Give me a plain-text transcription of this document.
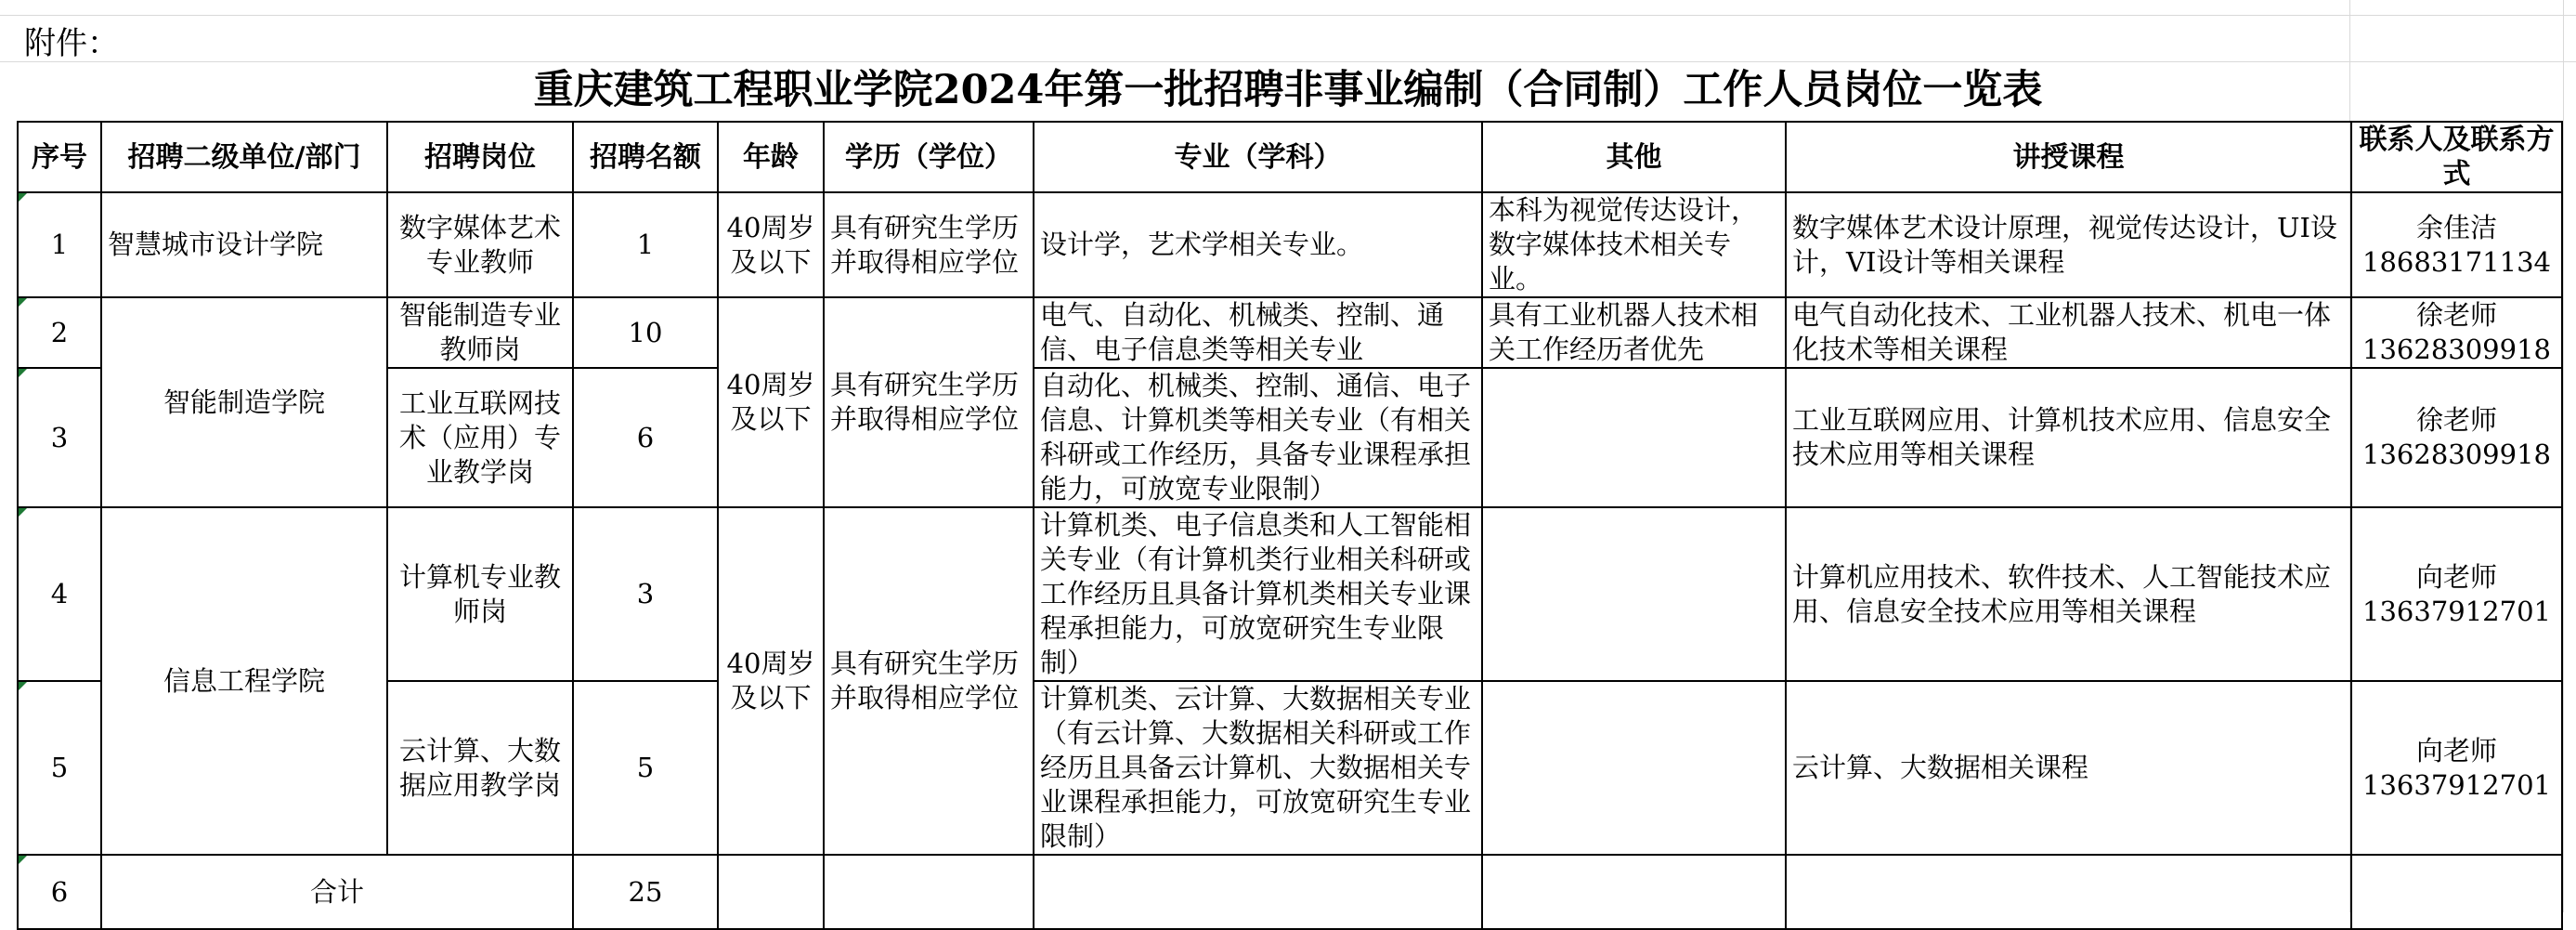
附件：
重庆建筑工程职业学院2024年第一批招聘非事业编制（合同制）工作人员岗位一览表
序号	招聘二级单位/部门	招聘岗位	招聘名额	年龄	学历（学位）	专业（学科）	其他	讲授课程	联系人及联系方式
1	智慧城市设计学院	数字媒体艺术专业教师	1	40周岁及以下	具有研究生学历并取得相应学位	设计学，艺术学相关专业。	本科为视觉传达设计，数字媒体技术相关专业。	数字媒体艺术设计原理，视觉传达设计，UI设计，VI设计等相关课程	余佳洁 18683171134
2	智能制造学院	智能制造专业教师岗	10	40周岁及以下	具有研究生学历并取得相应学位	电气、自动化、机械类、控制、通信、电子信息类等相关专业	具有工业机器人技术相关工作经历者优先	电气自动化技术、工业机器人技术、机电一体化技术等相关课程	徐老师 13628309918
3		工业互联网技术（应用）专业教学岗	6			自动化、机械类、控制、通信、电子信息、计算机类等相关专业（有相关科研或工作经历，具备专业课程承担能力，可放宽专业限制）		工业互联网应用、计算机技术应用、信息安全技术应用等相关课程	徐老师 13628309918
4	信息工程学院	计算机专业教师岗	3	40周岁及以下	具有研究生学历并取得相应学位	计算机类、电子信息类和人工智能相关专业（有计算机类行业相关科研或工作经历且具备计算机类相关专业课程承担能力，可放宽研究生专业限制）		计算机应用技术、软件技术、人工智能技术应用、信息安全技术应用等相关课程	向老师 13637912701
5		云计算、大数据应用教学岗	5			计算机类、云计算、大数据相关专业（有云计算、大数据相关科研或工作经历且具备云计算机、大数据相关专业课程承担能力，可放宽研究生专业限制）		云计算、大数据相关课程	向老师 13637912701
6	合计		25						
